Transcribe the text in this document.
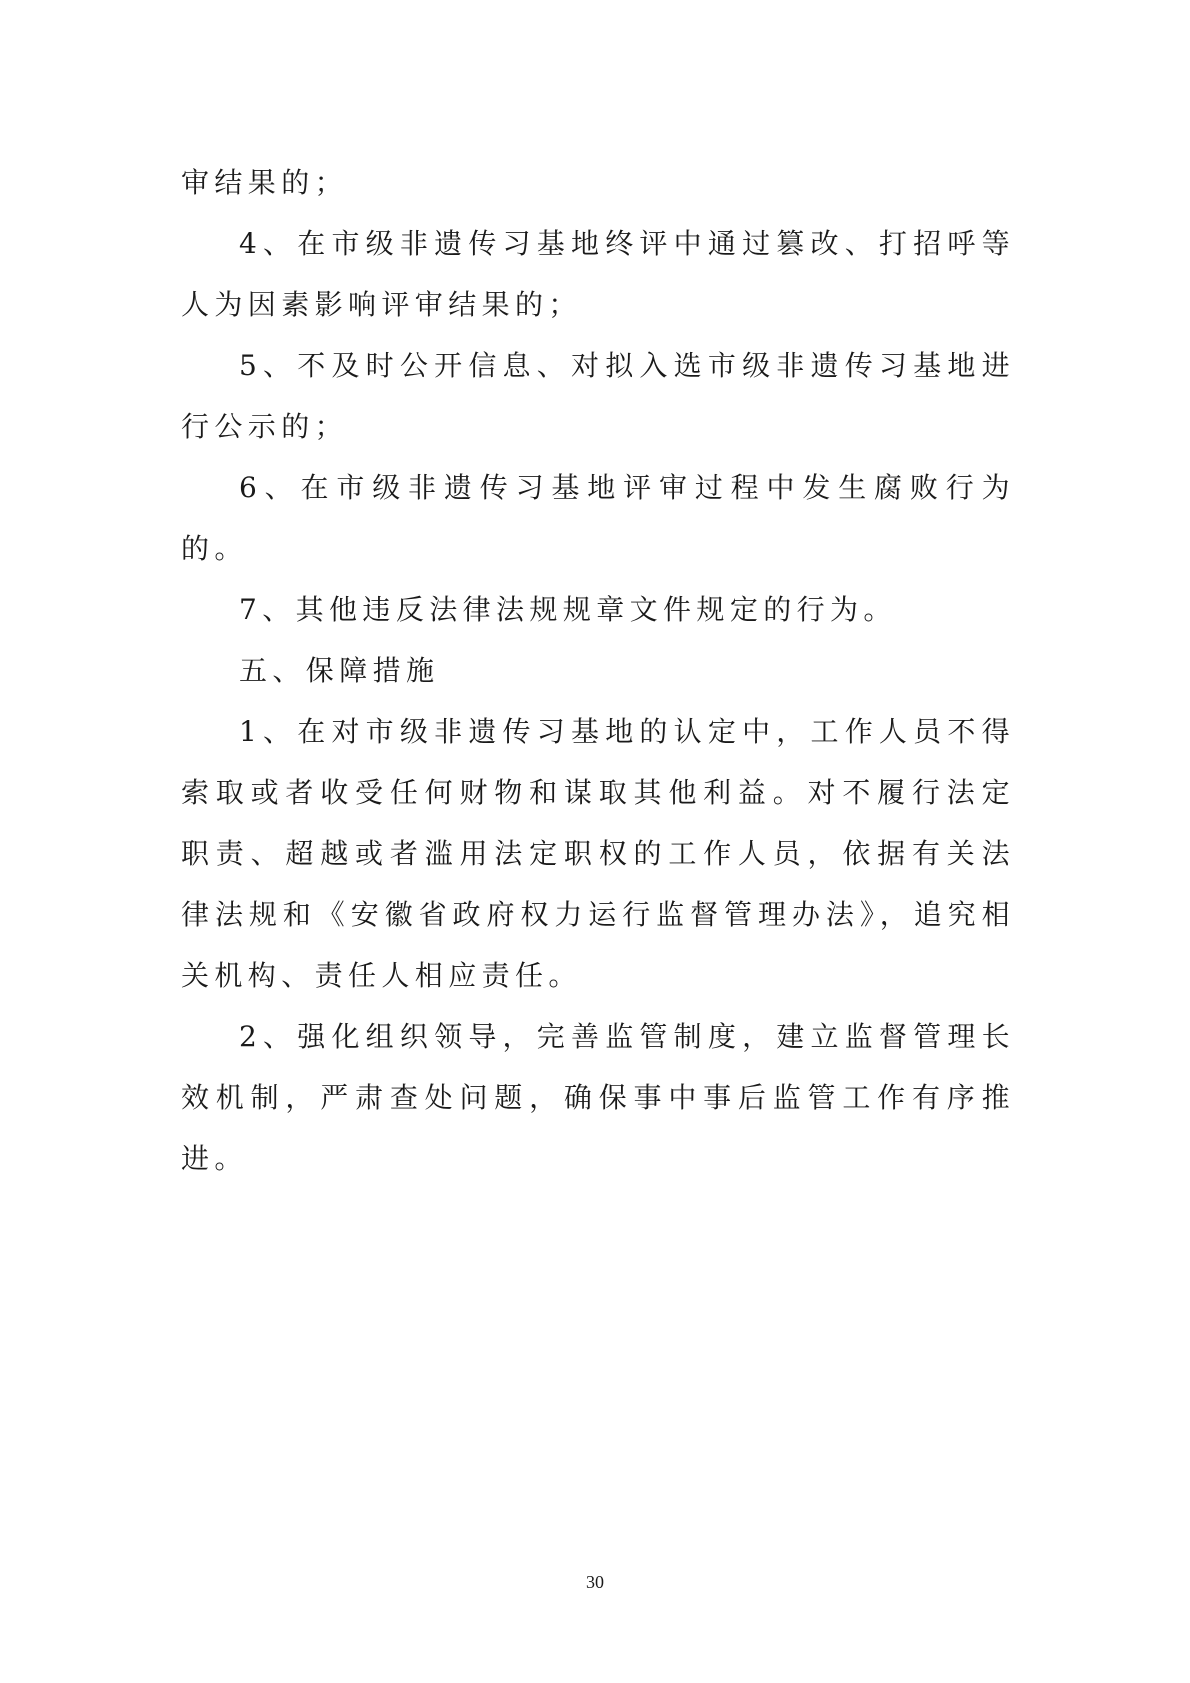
审结果的；

4、在市级非遗传习基地终评中通过篡改、打招呼等人为因素影响评审结果的；

5、不及时公开信息、对拟入选市级非遗传习基地进行公示的；

6、在市级非遗传习基地评审过程中发生腐败行为的。

7、其他违反法律法规规章文件规定的行为。

五、保障措施

1、在对市级非遗传习基地的认定中，工作人员不得索取或者收受任何财物和谋取其他利益。对不履行法定职责、超越或者滥用法定职权的工作人员，依据有关法律法规和《安徽省政府权力运行监督管理办法》，追究相关机构、责任人相应责任。

2、强化组织领导，完善监管制度，建立监督管理长效机制，严肃查处问题，确保事中事后监管工作有序推进。

30
